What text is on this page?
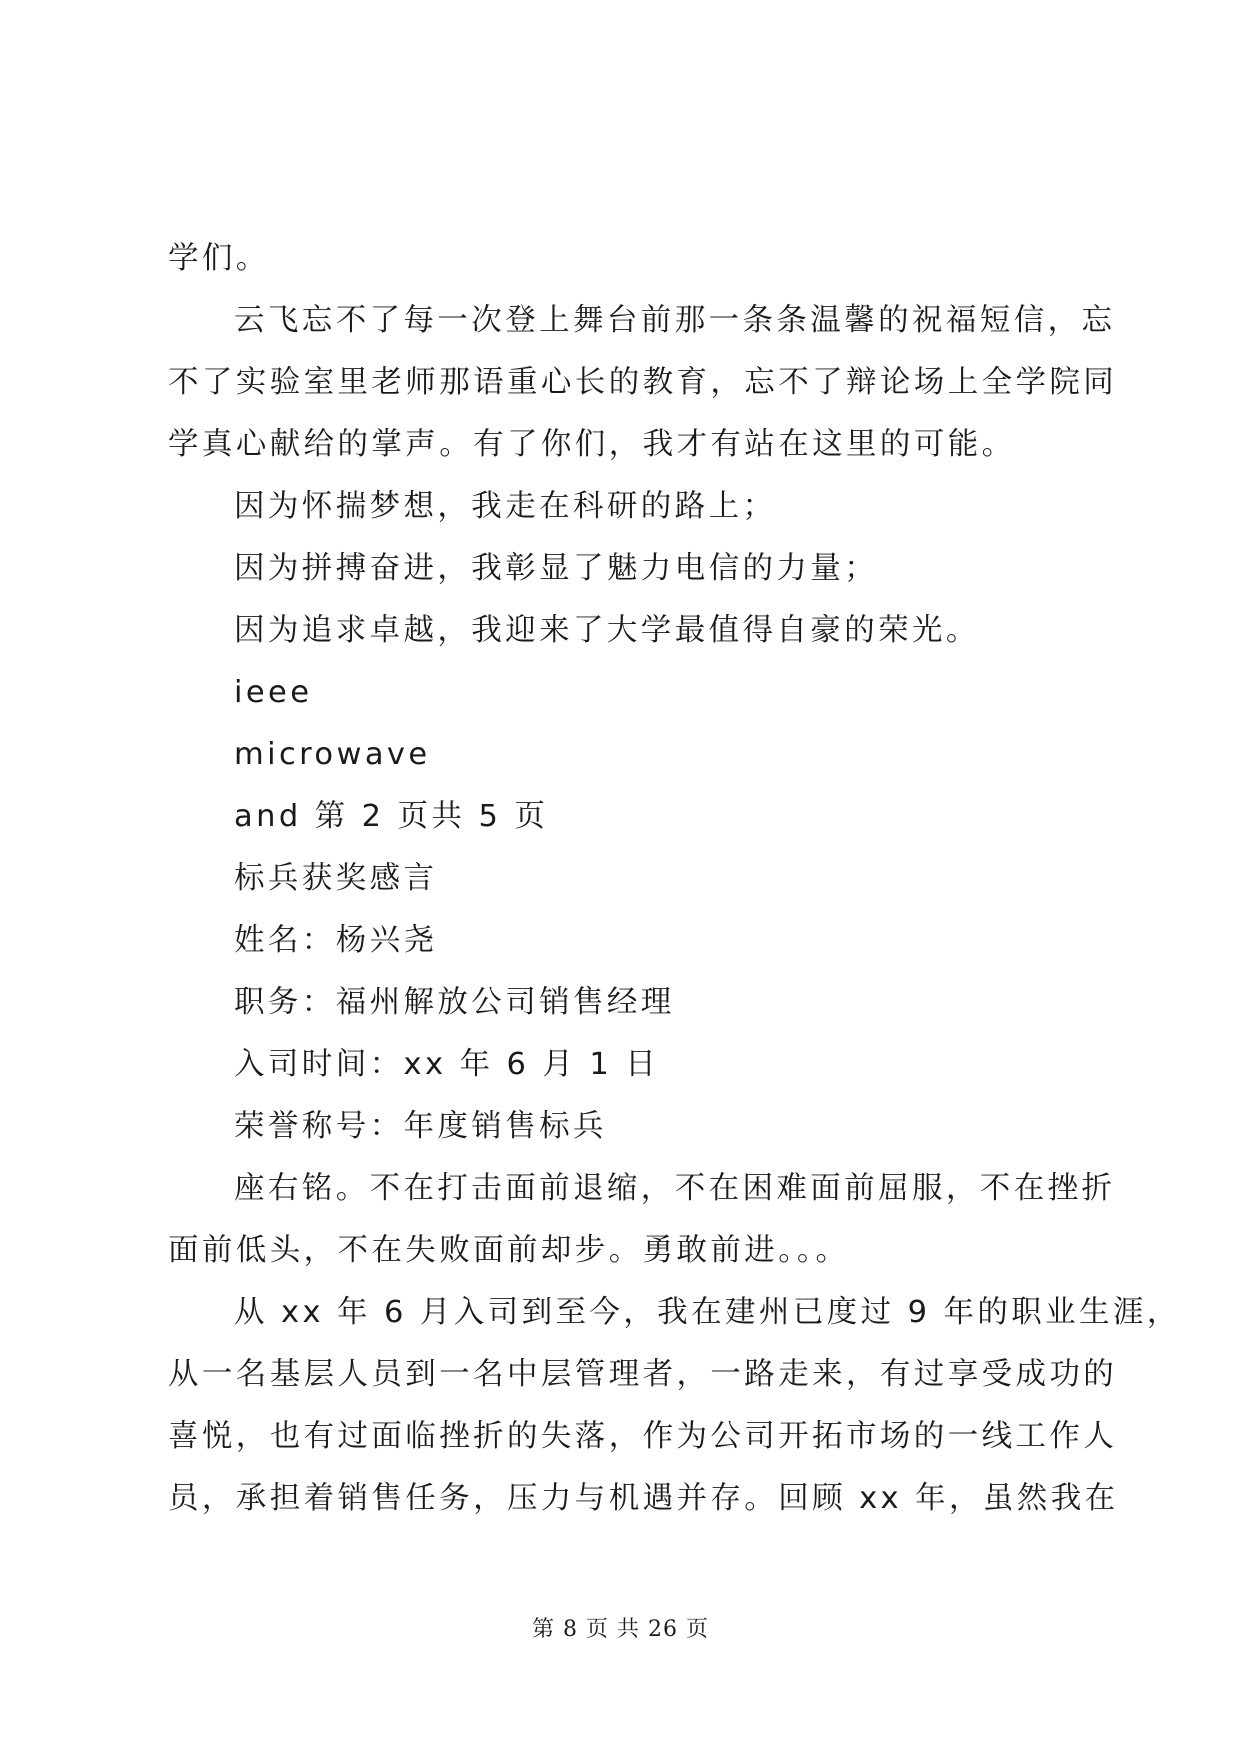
学们。
云飞忘不了每一次登上舞台前那一条条温馨的祝福短信，忘
不了实验室里老师那语重心长的教育，忘不了辩论场上全学院同
学真心献给的掌声。有了你们，我才有站在这里的可能。
因为怀揣梦想，我走在科研的路上；
因为拼搏奋进，我彰显了魅力电信的力量；
因为追求卓越，我迎来了大学最值得自豪的荣光。
ieee
microwave
and 第 2 页共 5 页
标兵获奖感言
姓名：杨兴尧
职务：福州解放公司销售经理
入司时间：xx 年 6 月 1 日
荣誉称号：年度销售标兵
座右铭。不在打击面前退缩，不在困难面前屈服，不在挫折
面前低头，不在失败面前却步。勇敢前进。。。
从 xx 年 6 月入司到至今，我在建州已度过 9 年的职业生涯，
从一名基层人员到一名中层管理者，一路走来，有过享受成功的
喜悦，也有过面临挫折的失落，作为公司开拓市场的一线工作人
员，承担着销售任务，压力与机遇并存。回顾 xx 年，虽然我在
第 8 页 共 26 页
